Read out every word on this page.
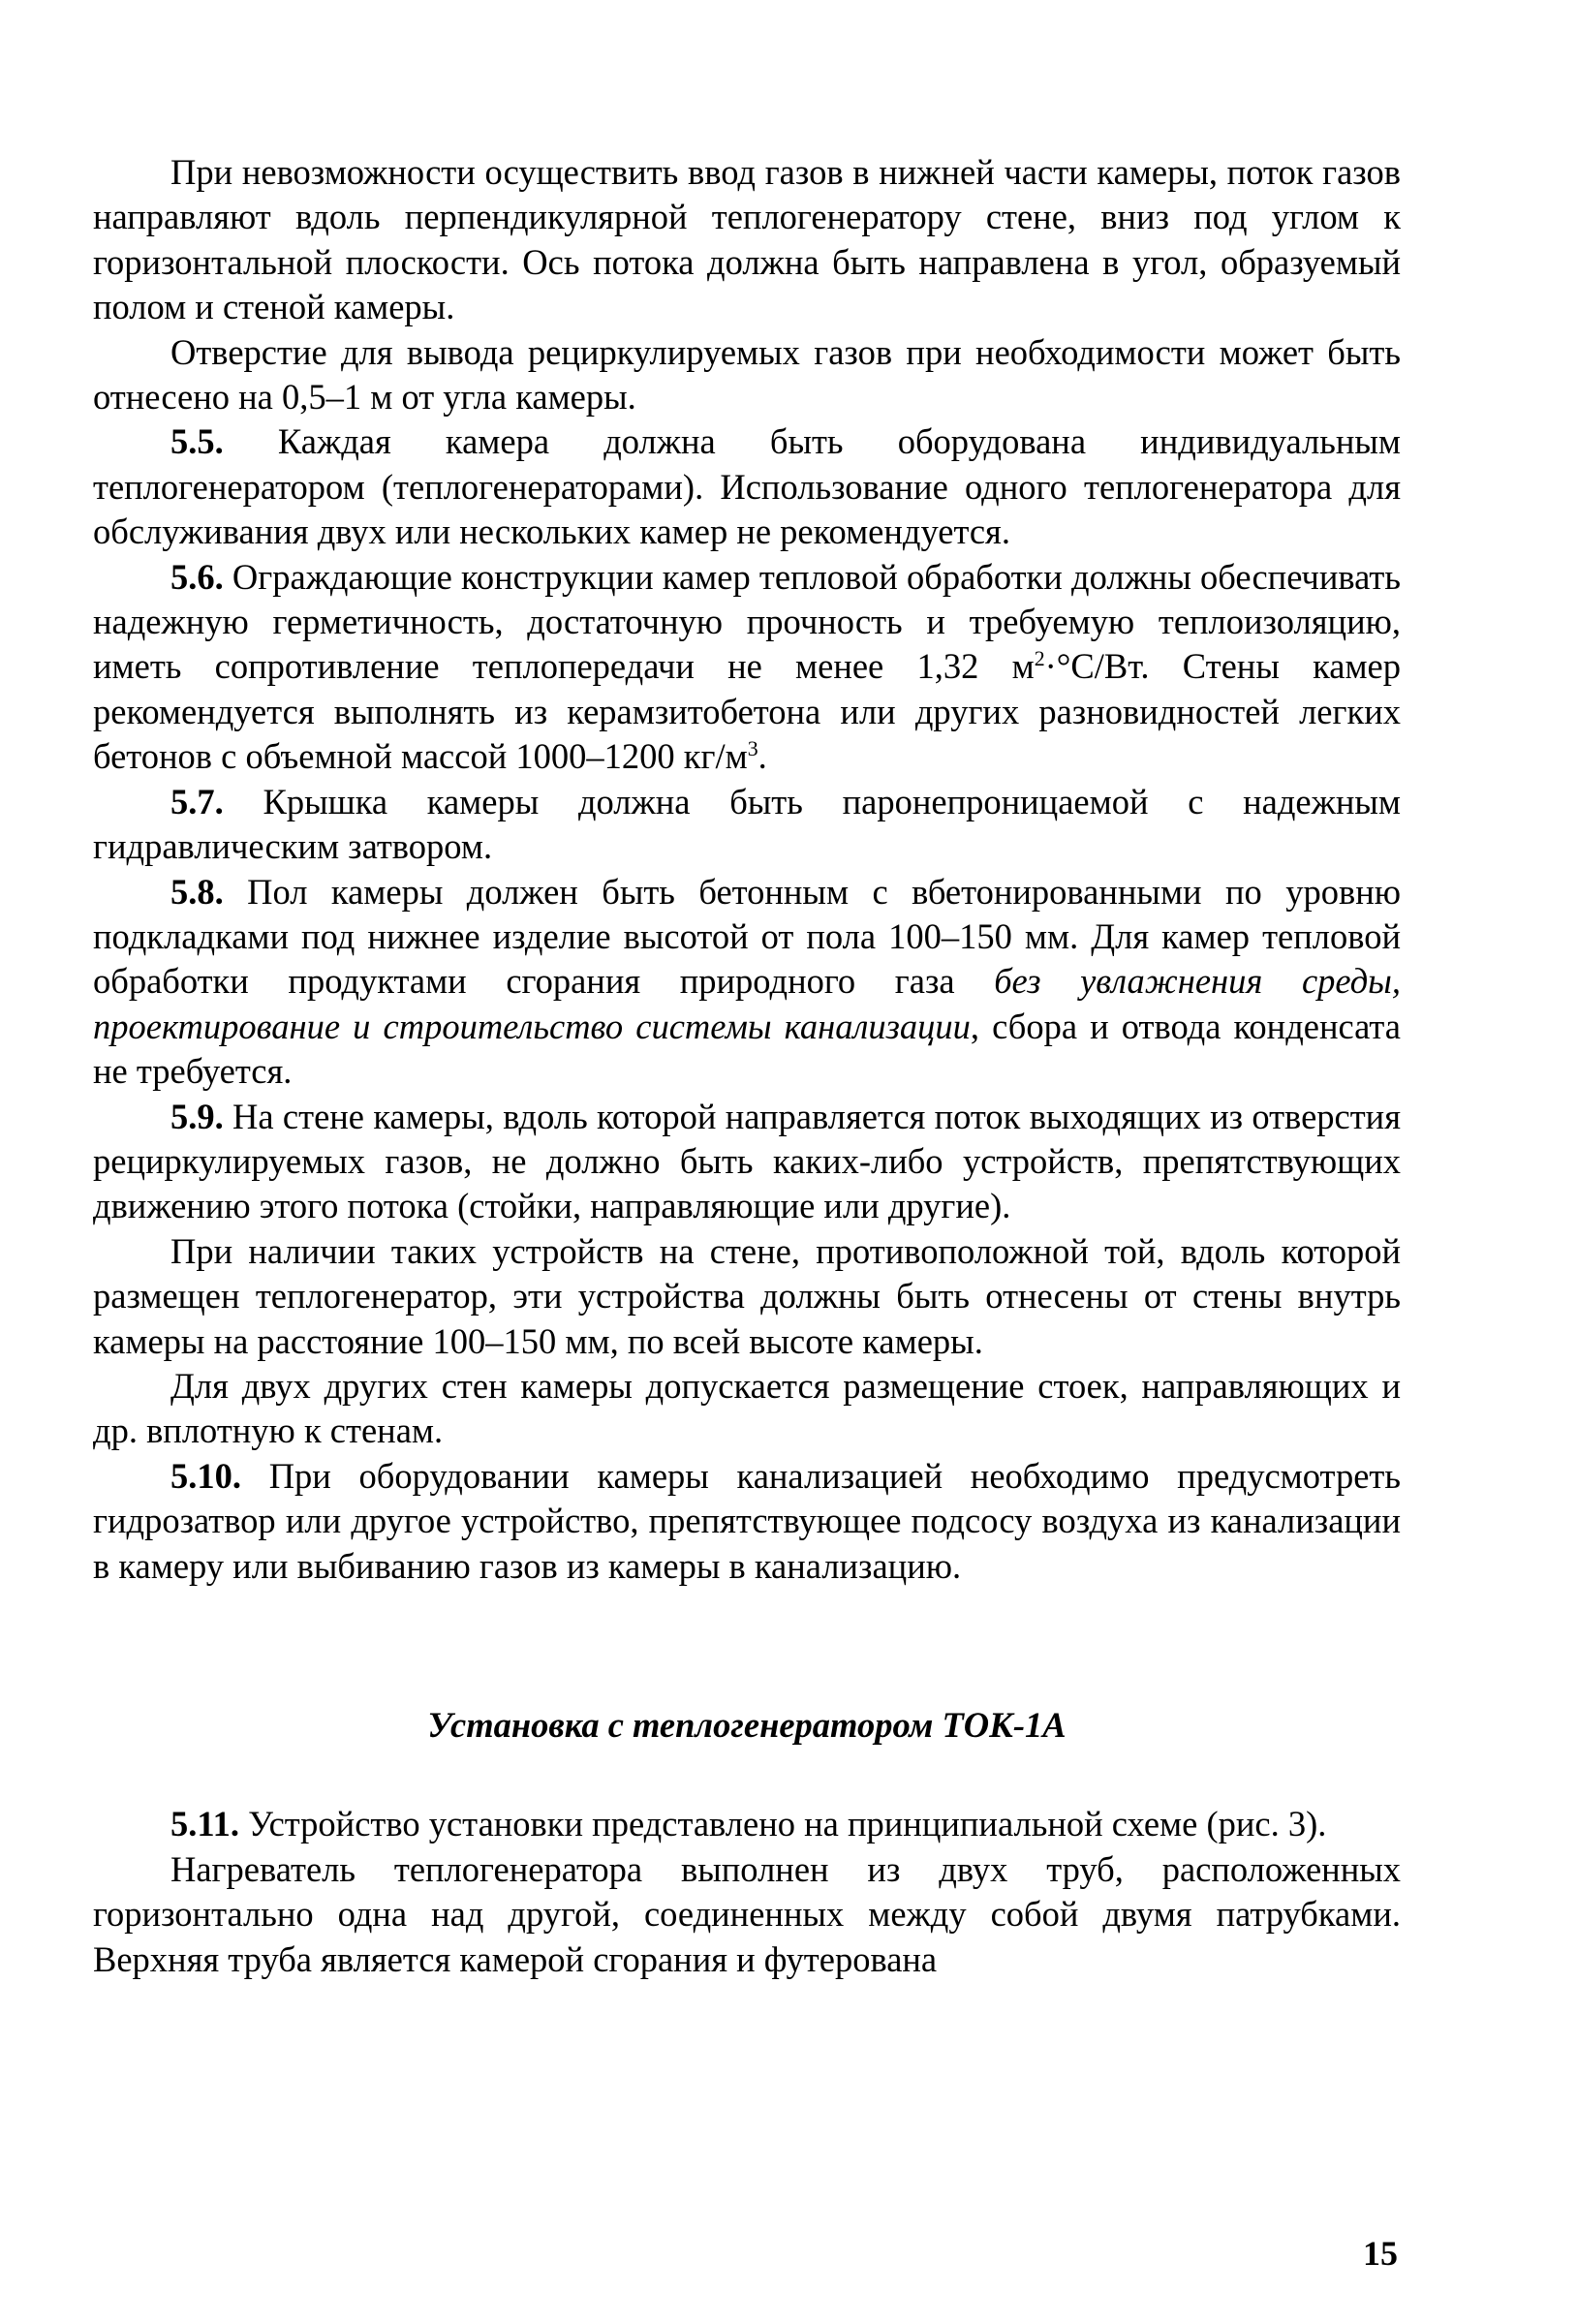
При невозможности осуществить ввод газов в нижней части камеры, поток газов направляют вдоль перпендикулярной теплогенератору стене, вниз под углом к горизонтальной плоскости. Ось потока должна быть направлена в угол, образуемый полом и стеной камеры.

Отверстие для вывода рециркулируемых газов при необходимости может быть отнесено на 0,5–1 м от угла камеры.

5.5. Каждая камера должна быть оборудована индивидуальным теплогенератором (теплогенераторами). Использование одного теплогенератора для обслуживания двух или нескольких камер не рекомендуется.

5.6. Ограждающие конструкции камер тепловой обработки должны обеспечивать надежную герметичность, достаточную прочность и требуемую теплоизоляцию, иметь сопротивление теплопередачи не менее 1,32 $м^2\cdot^\circ С/Вт$. Стены камер рекомендуется выполнять из керамзитобетона или других разновидностей легких бетонов с объемной массой 1000–1200 $кг/м^3$.

5.7. Крышка камеры должна быть паронепроницаемой с надежным гидравлическим затвором.

5.8. Пол камеры должен быть бетонным с вбетонированными по уровню подкладками под нижнее изделие высотой от пола 100–150 мм. Для камер тепловой обработки продуктами сгорания природного газа без увлажнения среды, проектирование и строительство системы канализации, сбора и отвода конденсата не требуется.

5.9. На стене камеры, вдоль которой направляется поток выходящих из отверстия рециркулируемых газов, не должно быть каких-либо устройств, препятствующих движению этого потока (стойки, направляющие или другие).

При наличии таких устройств на стене, противоположной той, вдоль которой размещен теплогенератор, эти устройства должны быть отнесены от стены внутрь камеры на расстояние 100–150 мм, по всей высоте камеры.

Для двух других стен камеры допускается размещение стоек, направляющих и др. вплотную к стенам.

5.10. При оборудовании камеры канализацией необходимо предусмотреть гидрозатвор или другое устройство, препятствующее подсосу воздуха из канализации в камеру или выбиванию газов из камеры в канализацию.

Установка с теплогенератором ТОК-1А

5.11. Устройство установки представлено на принципиальной схеме (рис. 3).

Нагреватель теплогенератора выполнен из двух труб, расположенных горизонтально одна над другой, соединенных между собой двумя патрубками. Верхняя труба является камерой сгорания и футерована

15
